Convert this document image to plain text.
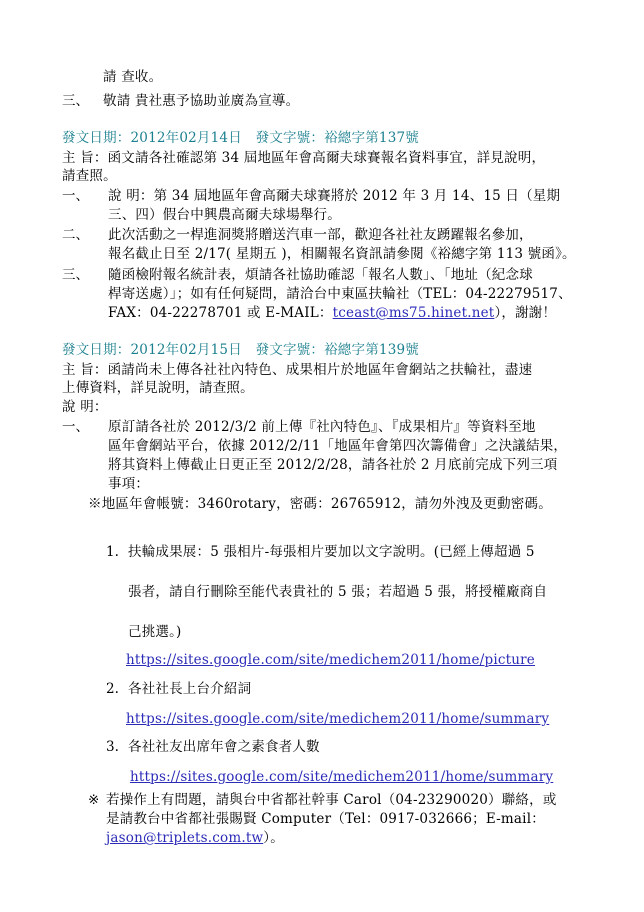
請 查收。
三、 敬請 貴社惠予協助並廣為宣導。
發文日期：2012年02月14日　發文字號：裕總字第137號
主 旨：函文請各社確認第 34 屆地區年會高爾夫球賽報名資料事宜，詳見說明，
請查照。
一、 說 明：第 34 屆地區年會高爾夫球賽將於 2012 年 3 月 14、15 日（星期
三、四）假台中興農高爾夫球場舉行。
二、 此次活動之一桿進洞獎將贈送汽車一部，歡迎各社社友踴躍報名參加，
報名截止日至 2/17( 星期五 )，相關報名資訊請參閱《裕總字第 113 號函》。
三、 隨函檢附報名統計表，煩請各社協助確認「報名人數」、「地址（紀念球
桿寄送處）」；如有任何疑問，請洽台中東區扶輪社（TEL：04-22279517、
FAX：04-22278701 或 E-MAIL：tceast@ms75.hinet.net），謝謝！
發文日期：2012年02月15日　發文字號：裕總字第139號
主 旨：函請尚未上傳各社社內特色、成果相片於地區年會網站之扶輪社，盡速
上傳資料，詳見說明，請查照。
說 明：
一、 原訂請各社於 2012/3/2 前上傳『社內特色』、『成果相片』等資料至地
區年會網站平台，依據 2012/2/11「地區年會第四次籌備會」之決議結果，
將其資料上傳截止日更正至 2012/2/28，請各社於 2 月底前完成下列三項
事項：
※地區年會帳號：3460rotary，密碼：26765912，請勿外洩及更動密碼。
1. 扶輪成果展：5 張相片-每張相片要加以文字說明。(已經上傳超過 5
張者，請自行刪除至能代表貴社的 5 張；若超過 5 張，將授權廠商自
己挑選。)
https://sites.google.com/site/medichem2011/home/picture
2. 各社社長上台介紹詞
https://sites.google.com/site/medichem2011/home/summary
3. 各社社友出席年會之素食者人數
https://sites.google.com/site/medichem2011/home/summary
※ 若操作上有問題，請與台中省都社幹事 Carol（04-23290020）聯絡，或
是請教台中省都社張賜賢 Computer（Tel：0917-032666；E-mail：
jason@triplets.com.tw）。
